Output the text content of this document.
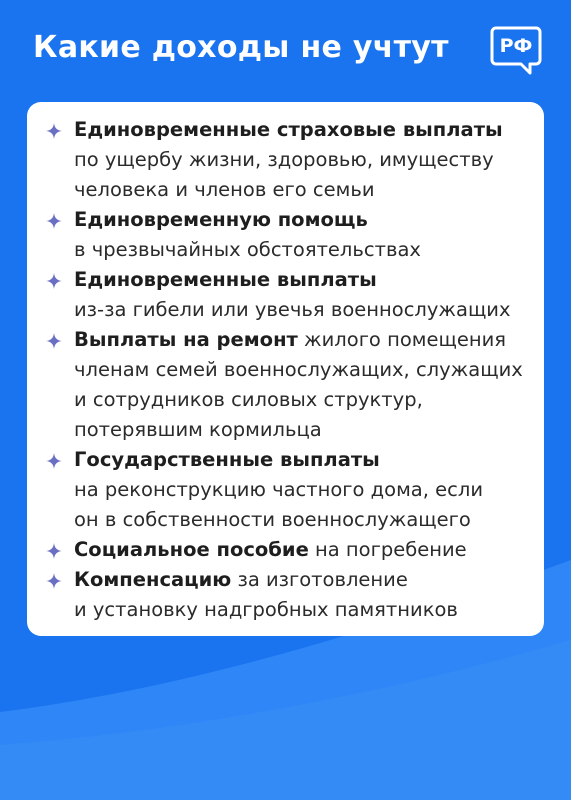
Какие доходы не учтут	РФ
Единовременные страховые выплаты
по ущербу жизни, здоровью, имуществу
человека и членов его семьи
Единовременную помощь
в чрезвычайных обстоятельствах
Единовременные выплаты
из-за гибели или увечья военнослужащих
Выплаты на ремонт жилого помещения
членам семей военнослужащих, служащих
и сотрудников силовых структур,
потерявшим кормильца
Государственные выплаты
на реконструкцию частного дома, если
он в собственности военнослужащего
Социальное пособие на погребение
Компенсацию за изготовление
и установку надгробных памятников
